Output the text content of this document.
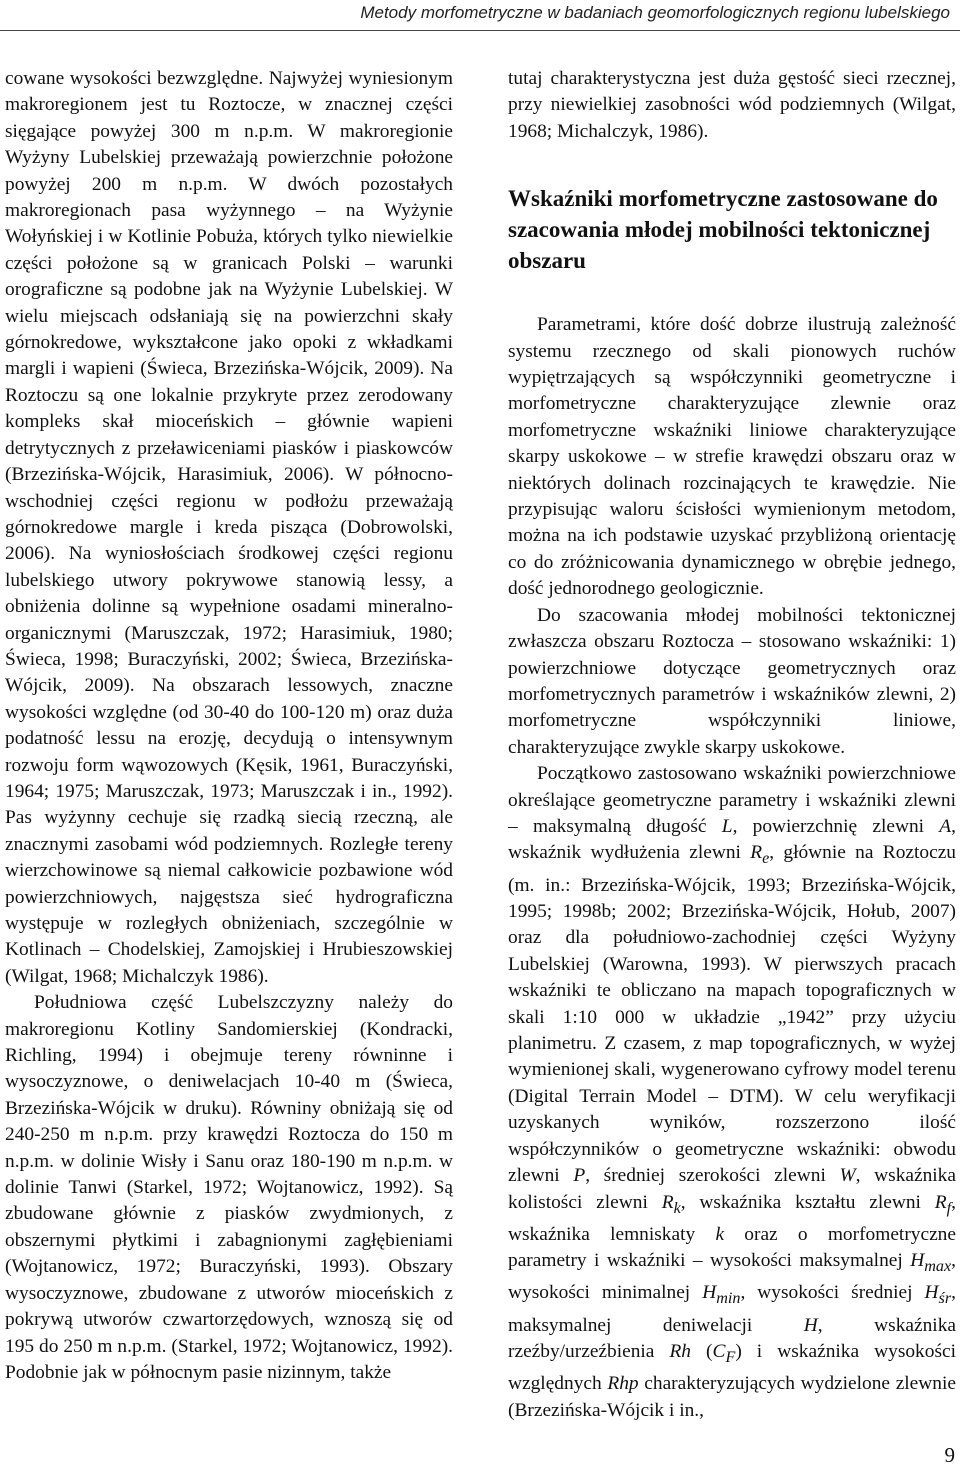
Metody morfometryczne w badaniach geomorfologicznych regionu lubelskiego

cowane wysokości bezwzględne. Najwyżej wyniesionym makroregionem jest tu Roztocze, w znacznej części sięgające powyżej 300 m n.p.m. W makroregionie Wyżyny Lubelskiej przeważają powierzchnie położone powyżej 200 m n.p.m. W dwóch pozostałych makroregionach pasa wyżynnego – na Wyżynie Wołyńskiej i w Kotlinie Pobuża, których tylko niewielkie części położone są w granicach Polski – warunki orograficzne są podobne jak na Wyżynie Lubelskiej. W wielu miejscach odsłaniają się na powierzchni skały górnokredowe, wykształcone jako opoki z wkładkami margli i wapieni (Świeca, Brzezińska-Wójcik, 2009). Na Roztoczu są one lokalnie przykryte przez zerodowany kompleks skał mioceńskich – głównie wapieni detrytycznych z przeławiceniami piasków i piaskowców (Brzezińska-Wójcik, Harasimiuk, 2006). W północno-wschodniej części regionu w podłożu przeważają górnokredowe margle i kreda pisząca (Dobrowolski, 2006). Na wyniosłościach środkowej części regionu lubelskiego utwory pokrywowe stanowią lessy, a obniżenia dolinne są wypełnione osadami mineralno-organicznymi (Maruszczak, 1972; Harasimiuk, 1980; Świeca, 1998; Buraczyński, 2002; Świeca, Brzezińska-Wójcik, 2009). Na obszarach lessowych, znaczne wysokości względne (od 30-40 do 100-120 m) oraz duża podatność lessu na erozję, decydują o intensywnym rozwoju form wąwozowych (Kęsik, 1961, Buraczyński, 1964; 1975; Maruszczak, 1973; Maruszczak i in., 1992). Pas wyżynny cechuje się rzadką siecią rzeczną, ale znacznymi zasobami wód podziemnych. Rozległe tereny wierzchowinowe są niemal całkowicie pozbawione wód powierzchniowych, najgęstsza sieć hydrograficzna występuje w rozległych obniżeniach, szczególnie w Kotlinach – Chodelskiej, Zamojskiej i Hrubieszowskiej (Wilgat, 1968; Michalczyk 1986).

Południowa część Lubelszczyzny należy do makroregionu Kotliny Sandomierskiej (Kondracki, Richling, 1994) i obejmuje tereny równinne i wysoczyznowe, o deniwelacjach 10-40 m (Świeca, Brzezińska-Wójcik w druku). Równiny obniżają się od 240-250 m n.p.m. przy krawędzi Roztocza do 150 m n.p.m. w dolinie Wisły i Sanu oraz 180-190 m n.p.m. w dolinie Tanwi (Starkel, 1972; Wojtanowicz, 1992). Są zbudowane głównie z piasków zwydmionych, z obszernymi płytkimi i zabagnionymi zagłębieniami (Wojtanowicz, 1972; Buraczyński, 1993). Obszary wysoczyznowe, zbudowane z utworów mioceńskich z pokrywą utworów czwartorzędowych, wznoszą się od 195 do 250 m n.p.m. (Starkel, 1972; Wojtanowicz, 1992). Podobnie jak w północnym pasie nizinnym, także

tutaj charakterystyczna jest duża gęstość sieci rzecznej, przy niewielkiej zasobności wód podziemnych (Wilgat, 1968; Michalczyk, 1986).

Wskaźniki morfometryczne zastosowane do szacowania młodej mobilności tektonicznej obszaru

Parametrami, które dość dobrze ilustrują zależność systemu rzecznego od skali pionowych ruchów wypiętrzających są współczynniki geometryczne i morfometryczne charakteryzujące zlewnie oraz morfometryczne wskaźniki liniowe charakteryzujące skarpy uskokowe – w strefie krawędzi obszaru oraz w niektórych dolinach rozcinających te krawędzie. Nie przypisując waloru ścisłości wymienionym metodom, można na ich podstawie uzyskać przybliżoną orientację co do zróżnicowania dynamicznego w obrębie jednego, dość jednorodnego geologicznie.

Do szacowania młodej mobilności tektonicznej zwłaszcza obszaru Roztocza – stosowano wskaźniki: 1) powierzchniowe dotyczące geometrycznych oraz morfometrycznych parametrów i wskaźników zlewni, 2) morfometryczne współczynniki liniowe, charakteryzujące zwykle skarpy uskokowe.

Początkowo zastosowano wskaźniki powierzchniowe określające geometryczne parametry i wskaźniki zlewni – maksymalną długość L, powierzchnię zlewni A, wskaźnik wydłużenia zlewni $R_e$, głównie na Roztoczu (m. in.: Brzezińska-Wójcik, 1993; Brzezińska-Wójcik, 1995; 1998b; 2002; Brzezińska-Wójcik, Hołub, 2007) oraz dla południowo-zachodniej części Wyżyny Lubelskiej (Warowna, 1993). W pierwszych pracach wskaźniki te obliczano na mapach topograficznych w skali 1:10 000 w układzie „1942” przy użyciu planimetru. Z czasem, z map topograficznych, w wyżej wymienionej skali, wygenerowano cyfrowy model terenu (Digital Terrain Model – DTM). W celu weryfikacji uzyskanych wyników, rozszerzono ilość współczynników o geometryczne wskaźniki: obwodu zlewni P, średniej szerokości zlewni W, wskaźnika kolistości zlewni $R_k$, wskaźnika kształtu zlewni $R_f$, wskaźnika lemniskaty k oraz o morfometryczne parametry i wskaźniki – wysokości maksymalnej $H_{max}$, wysokości minimalnej $H_{min}$, wysokości średniej $H_{śr}$, maksymalnej deniwelacji H, wskaźnika rzeźby/urzeźbienia Rh $(C_F)$ i wskaźnika wysokości względnych Rhp charakteryzujących wydzielone zlewnie (Brzezińska-Wójcik i in.,

9
